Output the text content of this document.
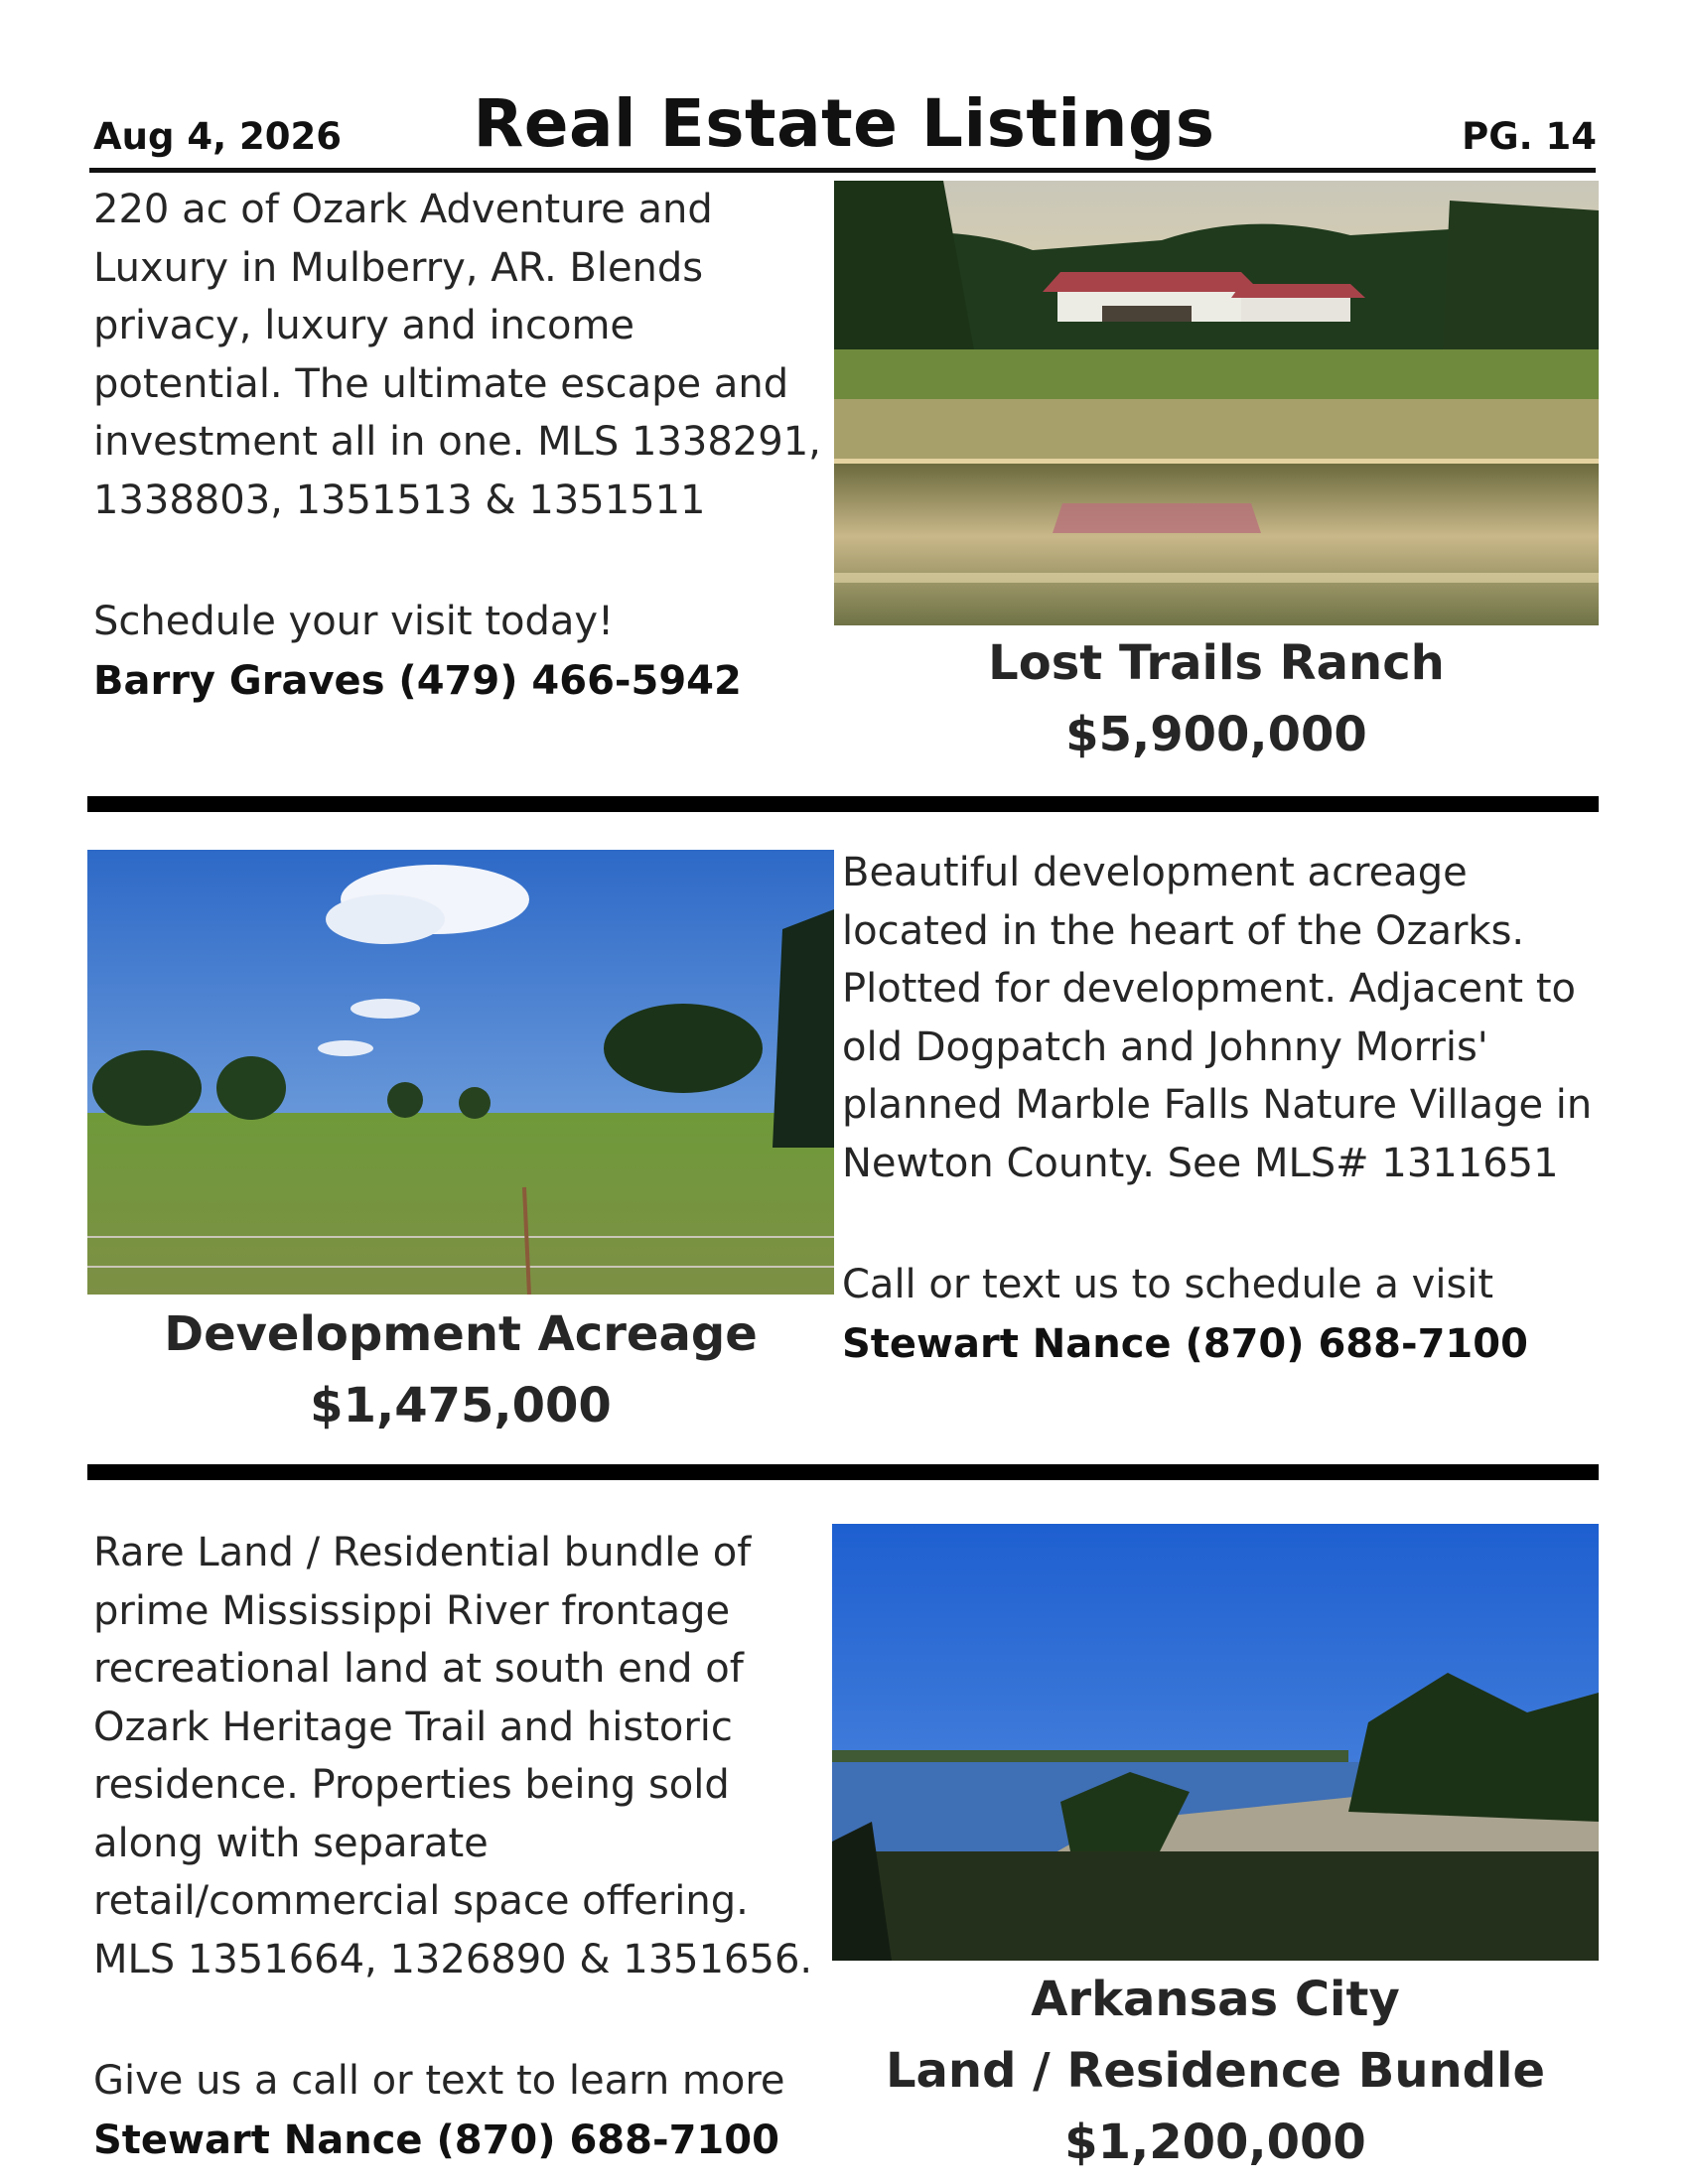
Aug 4, 2026	Real Estate Listings	PG. 14

220 ac of Ozark Adventure and Luxury in Mulberry, AR. Blends privacy, luxury and income potential. The ultimate escape and investment all in one. MLS 1338291, 1338803, 1351513 & 1351511

Schedule your visit today!

Barry Graves (479) 466-5942	Lost Trails Ranch
$5,900,000
Development Acreage
$1,475,000

Beautiful development acreage located in the heart of the Ozarks. Plotted for development. Adjacent to old Dogpatch and Johnny Morris' planned Marble Falls Nature Village in Newton County. See MLS# 1311651

Call or text us to schedule a visit

Stewart Nance (870) 688-7100

Rare Land / Residential bundle of prime Mississippi River frontage recreational land at south end of Ozark Heritage Trail and historic residence. Properties being sold along with separate retail/commercial space offering. MLS 1351664, 1326890 & 1351656.

Give us a call or text to learn more

Stewart Nance (870) 688-7100
Arkansas City
Land / Residence Bundle
$1,200,000
